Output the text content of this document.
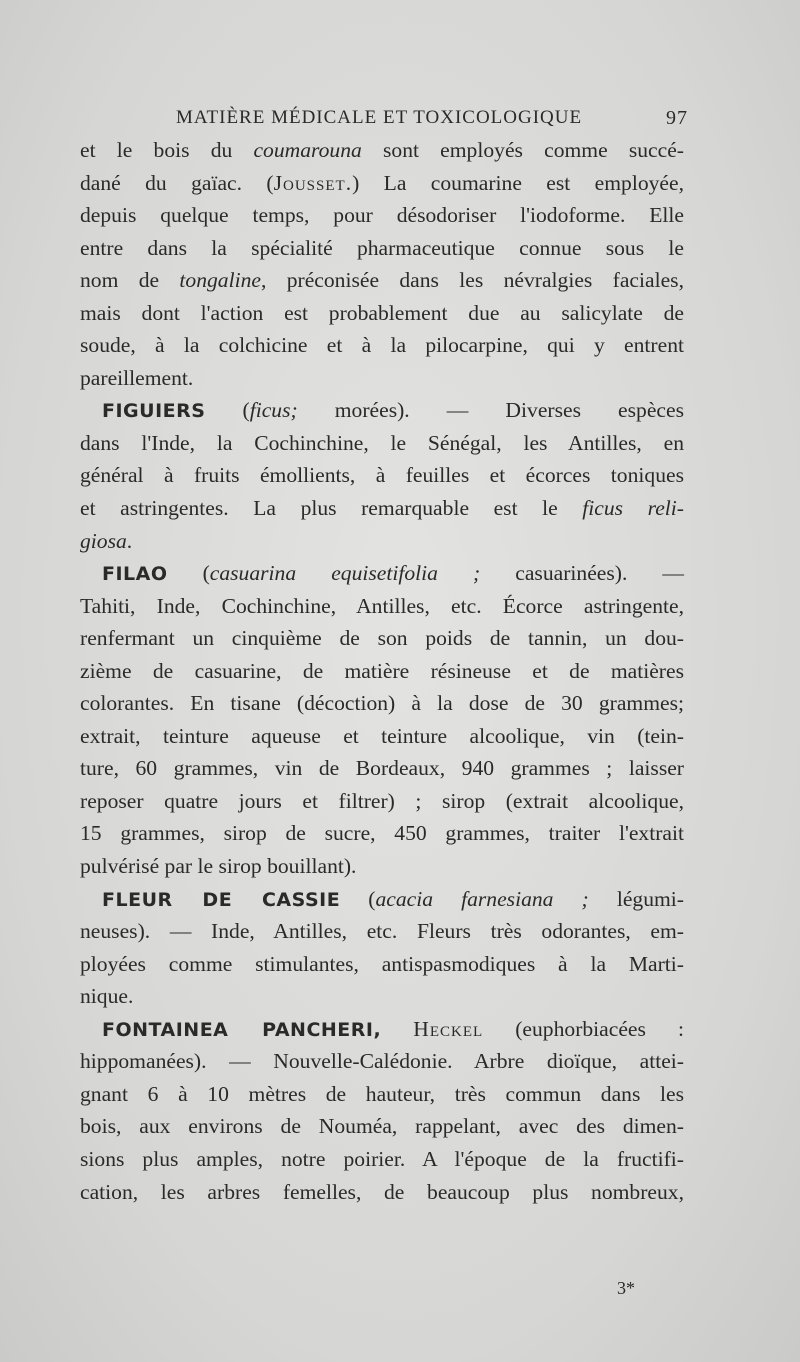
MATIÈRE MÉDICALE ET TOXICOLOGIQUE	97
et le bois du coumarouna sont employés comme succé-
dané du gaïac. (Jousset.) La coumarine est employée,
depuis quelque temps, pour désodoriser l'iodoforme. Elle
entre dans la spécialité pharmaceutique connue sous le
nom de tongaline, préconisée dans les névralgies faciales,
mais dont l'action est probablement due au salicylate de
soude, à la colchicine et à la pilocarpine, qui y entrent
pareillement.
FIGUIERS (ficus; morées). — Diverses espèces
dans l'Inde, la Cochinchine, le Sénégal, les Antilles, en
général à fruits émollients, à feuilles et écorces toniques
et astringentes. La plus remarquable est le ficus reli-
giosa.
FILAO (casuarina equisetifolia ; casuarinées). —
Tahiti, Inde, Cochinchine, Antilles, etc. Écorce astringente,
renfermant un cinquième de son poids de tannin, un dou-
zième de casuarine, de matière résineuse et de matières
colorantes. En tisane (décoction) à la dose de 30 grammes;
extrait, teinture aqueuse et teinture alcoolique, vin (tein-
ture, 60 grammes, vin de Bordeaux, 940 grammes ; laisser
reposer quatre jours et filtrer) ; sirop (extrait alcoolique,
15 grammes, sirop de sucre, 450 grammes, traiter l'extrait
pulvérisé par le sirop bouillant).
FLEUR DE CASSIE (acacia farnesiana ; légumi-
neuses). — Inde, Antilles, etc. Fleurs très odorantes, em-
ployées comme stimulantes, antispasmodiques à la Marti-
nique.
FONTAINEA PANCHERI, Heckel (euphorbiacées :
hippomanées). — Nouvelle-Calédonie. Arbre dioïque, attei-
gnant 6 à 10 mètres de hauteur, très commun dans les
bois, aux environs de Nouméa, rappelant, avec des dimen-
sions plus amples, notre poirier. A l'époque de la fructifi-
cation, les arbres femelles, de beaucoup plus nombreux,
3*
